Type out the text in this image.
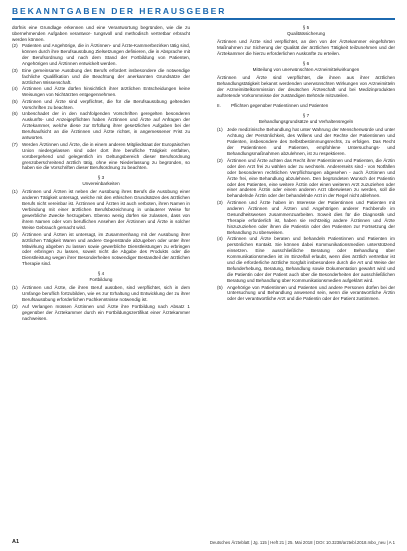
BEKANNTGABEN DER HERAUSGEBER
dürfnis eine Grundlage erkennen und eine Verantwortung begründen, wie die zu übernehmenden Aufgaben verantwor- tungsvoll und methodisch vertretbar erbracht werden können.
(2) Patienten und Angehörige, die in Ärztinnen- und Ärzte-Kammerbezirken tätig sind, können durch ihre Berufsausübung Zielsetzungen definieren, die in Absprache mit der Berufsordnung und nach dem Stand der Fortbildung von Patienten, Angehörigen und Ärztinnen entwickelt werden.
(3) Eine gemeinsame Ausübung des Berufs erfordert insbesondere die notwendige fachliche Qualifikation und die Beachtung der anerkannten Grundsätze der ärztlichen Wissenschaft.
(4) Ärztinnen und Ärzte dürfen hinsichtlich ihrer ärztlichen Entscheidungen keine Weisungen von Nichtärzten entgegennehmen.
(5) Ärztinnen und Ärzte sind verpflichtet, die für die Berufsausübung geltenden Vorschriften zu beachten.
(6) Unbeschadet der in den nachfolgenden Vorschriften geregelten besonderen Auskunfts- und Anzeigepflichten haben Ärztinnen und Ärzte auf Anfragen der Ärztekammer, welche diese zur Erfüllung ihrer gesetzlichen Aufgaben bei der Berufsaufsicht an die Ärztinnen und Ärzte richtet, in angemessener Frist zu antworten.
(7) Werden Ärztinnen und Ärzte, die in einem anderen Mitgliedstaat der Europäischen Union niedergelassen sind oder dort ihre berufliche Tätigkeit entfalten, vorübergehend und gelegentlich im Geltungsbereich dieser Berufsordnung grenzüberschreitend ärztlich tätig, ohne eine Niederlassung zu begründen, so haben sie die Vorschriften dieser Berufsordnung zu beachten.
§ 3
Unvereinbarkeiten
(1) Ärztinnen und Ärzten ist neben der Ausübung ihres Berufs die Ausübung einer anderen Tätigkeit untersagt, welche mit den ethischen Grundsätzen des ärztlichen Berufs nicht vereinbar ist. Ärztinnen und Ärzten ist auch verboten, ihren Namen in Verbindung mit einer ärztlichen Berufsbezeichnung in unlauterer Weise für gewerbliche Zwecke herzugeben. Ebenso wenig dürfen sie zulassen, dass von ihrem Namen oder vom beruflichen Ansehen der Ärztinnen und Ärzte in solcher Weise Gebrauch gemacht wird.
(2) Ärztinnen und Ärzten ist untersagt, im Zusammenhang mit der Ausübung ihrer ärztlichen Tätigkeit Waren und andere Gegenstände abzugeben oder unter ihrer Mitwirkung abgeben zu lassen sowie gewerbliche Dienstleistungen zu erbringen oder erbringen zu lassen, soweit nicht die Abgabe des Produkts oder die Dienstleistung wegen ihrer Besonderheiten notwendiger Bestandteil der ärztlichen Therapie sind.
§ 4
Fortbildung
(1) Ärztinnen und Ärzte, die ihren Beruf ausüben, sind verpflichtet, sich in dem Umfange beruflich fortzubilden, wie es zur Erhaltung und Entwicklung der zu ihrer Berufsausübung erforderlichen Fachkenntnisse notwendig ist.
(2) Auf Verlangen müssen Ärztinnen und Ärzte ihre Fortbildung nach Absatz 1 gegenüber der Ärztekammer durch ein Fortbildungszertifikat einer Ärztekammer nachweisen.
§ 5
Qualitätssicherung
Ärztinnen und Ärzte sind verpflichtet, an den von der Ärztekammer eingeführten Maßnahmen zur Sicherung der Qualität der ärztlichen Tätigkeit teilzunehmen und der Ärztekammer die hierzu erforderlichen Auskünfte zu erteilen.
§ 6
Mitteilung von unerwünschten Arzneimittelwirkungen
Ärztinnen und Ärzte sind verpflichtet, die ihnen aus ihrer ärztlichen Behandlungstätigkeit bekannt werdenden unerwünschten Wirkungen von Arzneimitteln der Arzneimittelkommission der deutschen Ärzteschaft und bei Medizinprodukten auftretende Vorkommnisse der zuständigen Behörde mitzuteilen.
II.	Pflichten gegenüber Patientinnen und Patienten
§ 7
Behandlungsgrundsätze und Verhaltensregeln
(1) Jede medizinische Behandlung hat unter Wahrung der Menschenwürde und unter Achtung der Persönlichkeit, des Willens und der Rechte der Patientinnen und Patienten, insbesondere des Selbstbestimmungsrechts, zu erfolgen. Das Recht der Patientinnen und Patienten, empfohlene Untersuchungs- und Behandlungsmaßnahmen abzulehnen, ist zu respektieren.
(2) Ärztinnen und Ärzte achten das Recht ihrer Patientinnen und Patienten, die Ärztin oder den Arzt frei zu wählen oder zu wechseln. Andererseits sind - von Notfällen oder besonderen rechtlichen Verpflichtungen abgesehen - auch Ärztinnen und Ärzte frei, eine Behandlung abzulehnen. Den begründeten Wunsch der Patientin oder des Patienten, eine weitere Ärztin oder einen weiteren Arzt zuzuziehen oder einer anderen Ärztin oder einem anderen Arzt überwiesen zu werden, soll die behandelnde Ärztin oder der behandelnde Arzt in der Regel nicht ablehnen.
(3) Ärztinnen und Ärzte haben im Interesse der Patientinnen und Patienten mit anderen Ärztinnen und Ärzten und Angehörigen anderer Fachberufe im Gesundheitswesen zusammenzuarbeiten. Soweit dies für die Diagnostik und Therapie erforderlich ist, haben sie rechtzeitig andere Ärztinnen und Ärzte hinzuzuziehen oder ihnen die Patientin oder den Patienten zur Fortsetzung der Behandlung zu überweisen.
(4) Ärztinnen und Ärzte beraten und behandeln Patientinnen und Patienten im persönlichen Kontakt. Sie können dabei Kommunikationsmedien unterstützend einsetzen. Eine ausschließliche Beratung oder Behandlung über Kommunikationsmedien ist im Einzelfall erlaubt, wenn dies ärztlich vertretbar ist und die erforderliche ärztliche Sorgfalt insbesondere durch die Art und Weise der Befunderhebung, Beratung, Behandlung sowie Dokumentation gewahrt wird und die Patientin oder der Patient auch über die Besonderheiten der ausschließlichen Beratung und Behandlung über Kommunikationsmedien aufgeklärt wird.
(5) Angehörige von Patientinnen und Patienten und andere Personen dürfen bei der Untersuchung und Behandlung anwesend sein, wenn die verantwortliche Ärztin oder der verantwortliche Arzt und die Patientin oder der Patient zustimmen.
A1	Deutsches Ärzteblatt | Jg. 115 | Heft 21 | 25. Mai 2018 | DOI: 10.3238/arztebl.2018.mbo_neu | A 1
